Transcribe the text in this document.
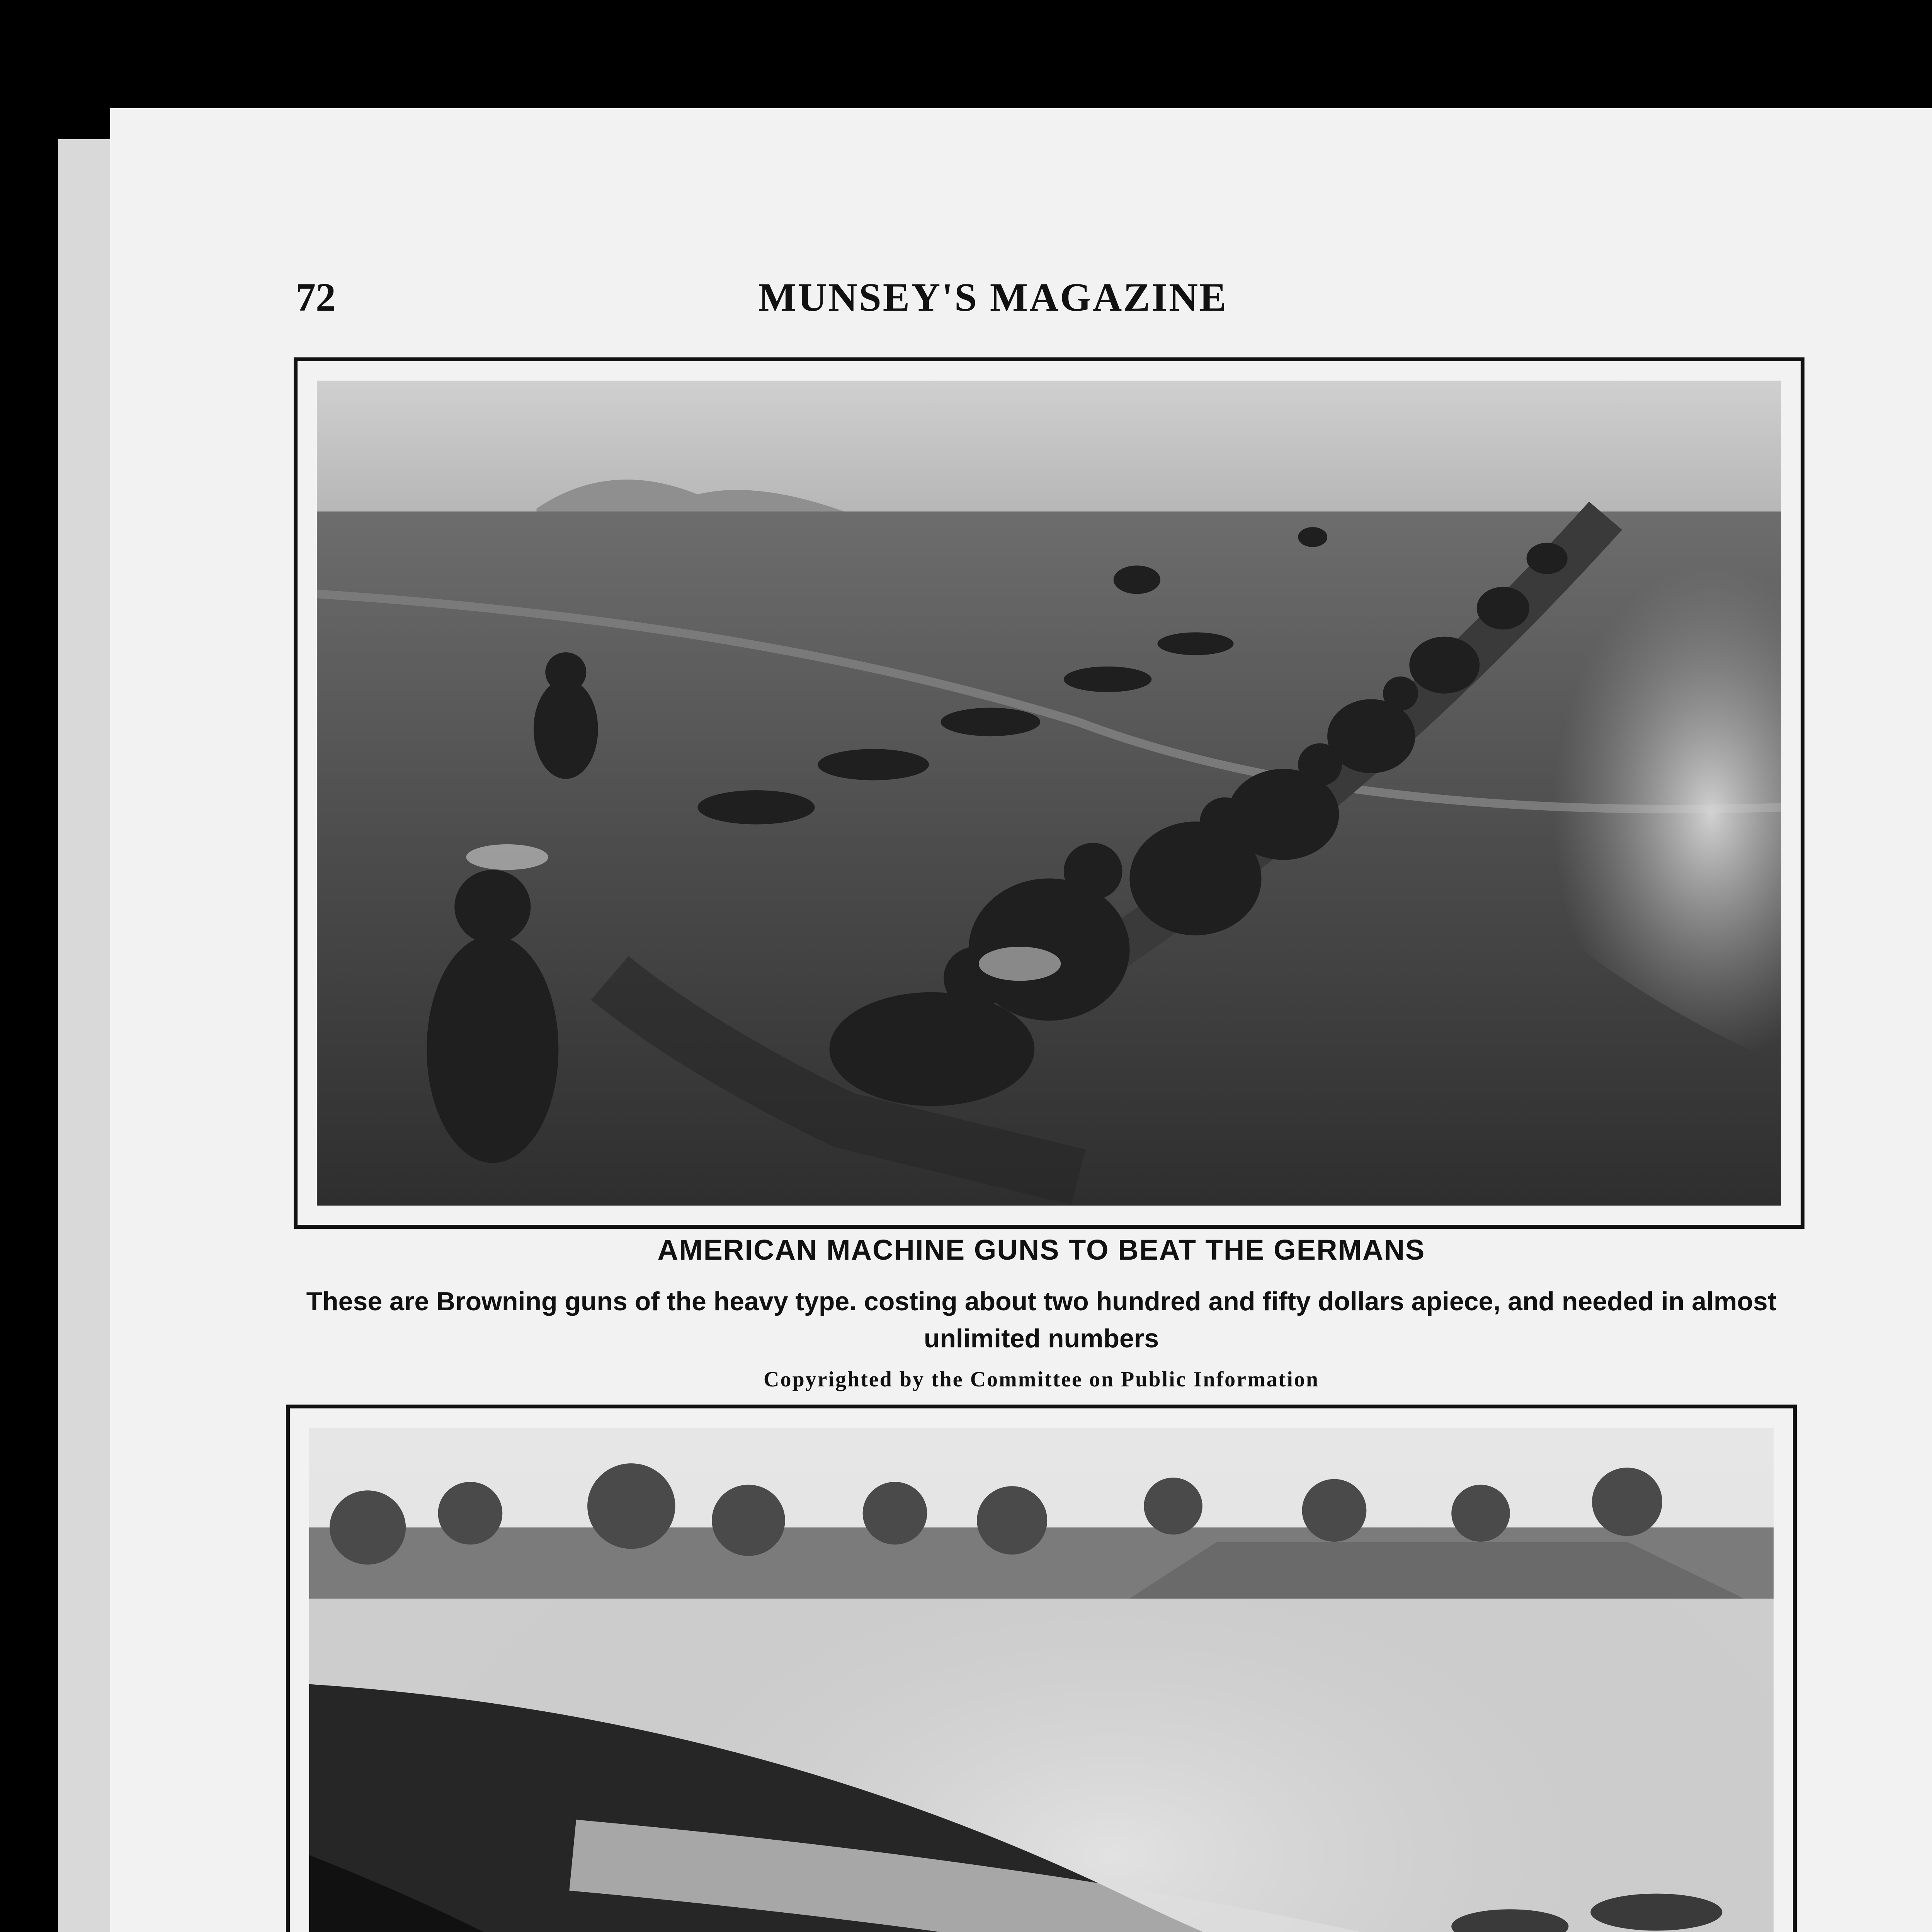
72	MUNSEY'S MAGAZINE
AMERICAN MACHINE GUNS TO BEAT THE GERMANS
These are Browning guns of the heavy type. costing about two hundred and fifty dollars apiece, and needed in almost unlimited numbers
Copyrighted by the Committee on Public Information
